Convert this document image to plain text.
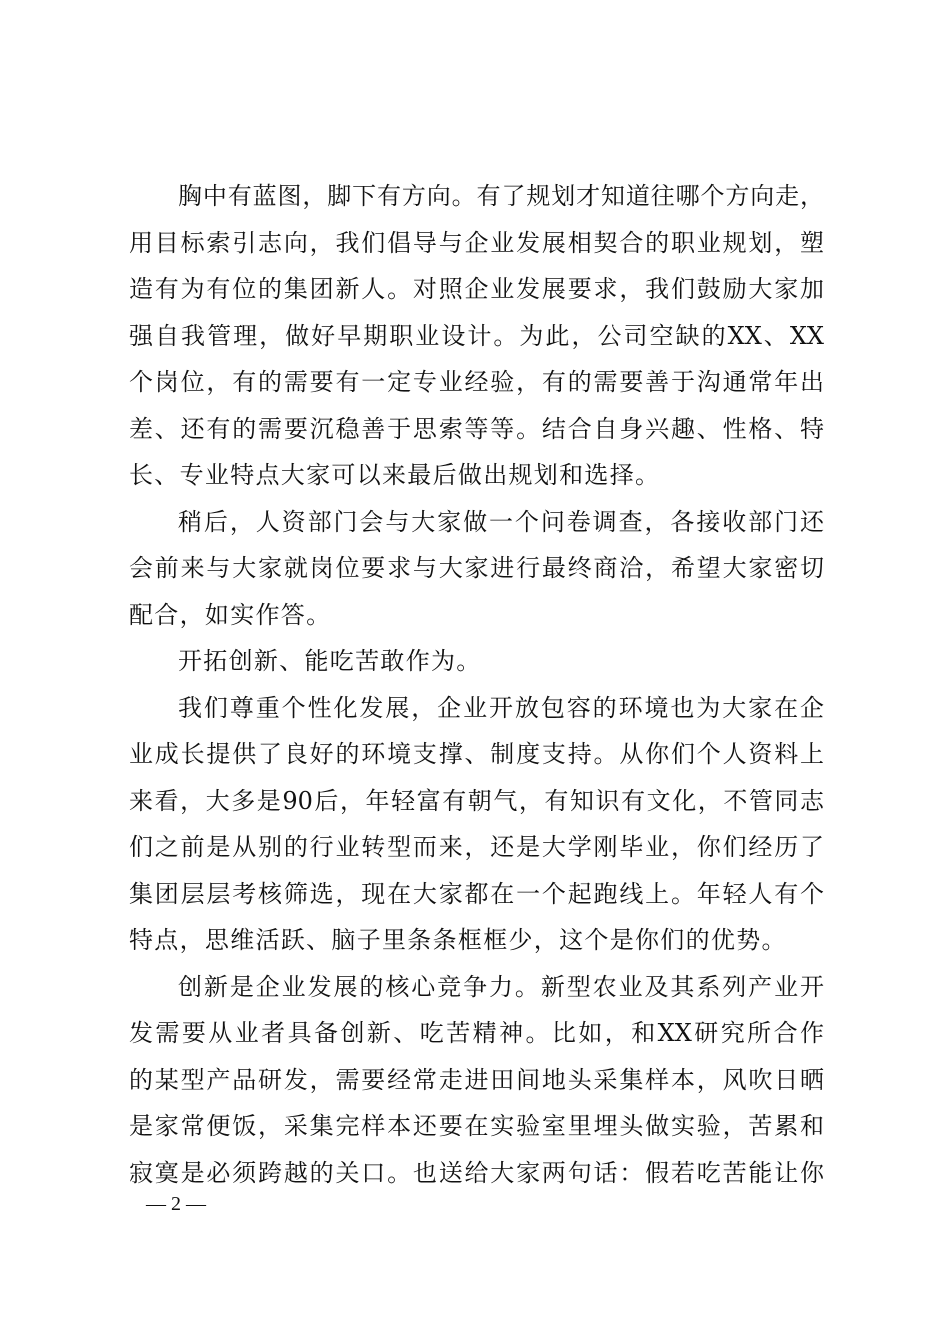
胸中有蓝图，脚下有方向。有了规划才知道往哪个方向走，
用目标索引志向，我们倡导与企业发展相契合的职业规划，塑
造有为有位的集团新人。对照企业发展要求，我们鼓励大家加
强自我管理，做好早期职业设计。为此，公司空缺的XX、XX
个岗位，有的需要有一定专业经验，有的需要善于沟通常年出
差、还有的需要沉稳善于思索等等。结合自身兴趣、性格、特
长、专业特点大家可以来最后做出规划和选择。
稍后，人资部门会与大家做一个问卷调查，各接收部门还
会前来与大家就岗位要求与大家进行最终商洽，希望大家密切
配合，如实作答。
开拓创新、能吃苦敢作为。
我们尊重个性化发展，企业开放包容的环境也为大家在企
业成长提供了良好的环境支撑、制度支持。从你们个人资料上
来看，大多是90后，年轻富有朝气，有知识有文化，不管同志
们之前是从别的行业转型而来，还是大学刚毕业，你们经历了
集团层层考核筛选，现在大家都在一个起跑线上。年轻人有个
特点，思维活跃、脑子里条条框框少，这个是你们的优势。
创新是企业发展的核心竞争力。新型农业及其系列产业开
发需要从业者具备创新、吃苦精神。比如，和XX研究所合作
的某型产品研发，需要经常走进田间地头采集样本，风吹日晒
是家常便饭，采集完样本还要在实验室里埋头做实验，苦累和
寂寞是必须跨越的关口。也送给大家两句话：假若吃苦能让你
— 2 —
